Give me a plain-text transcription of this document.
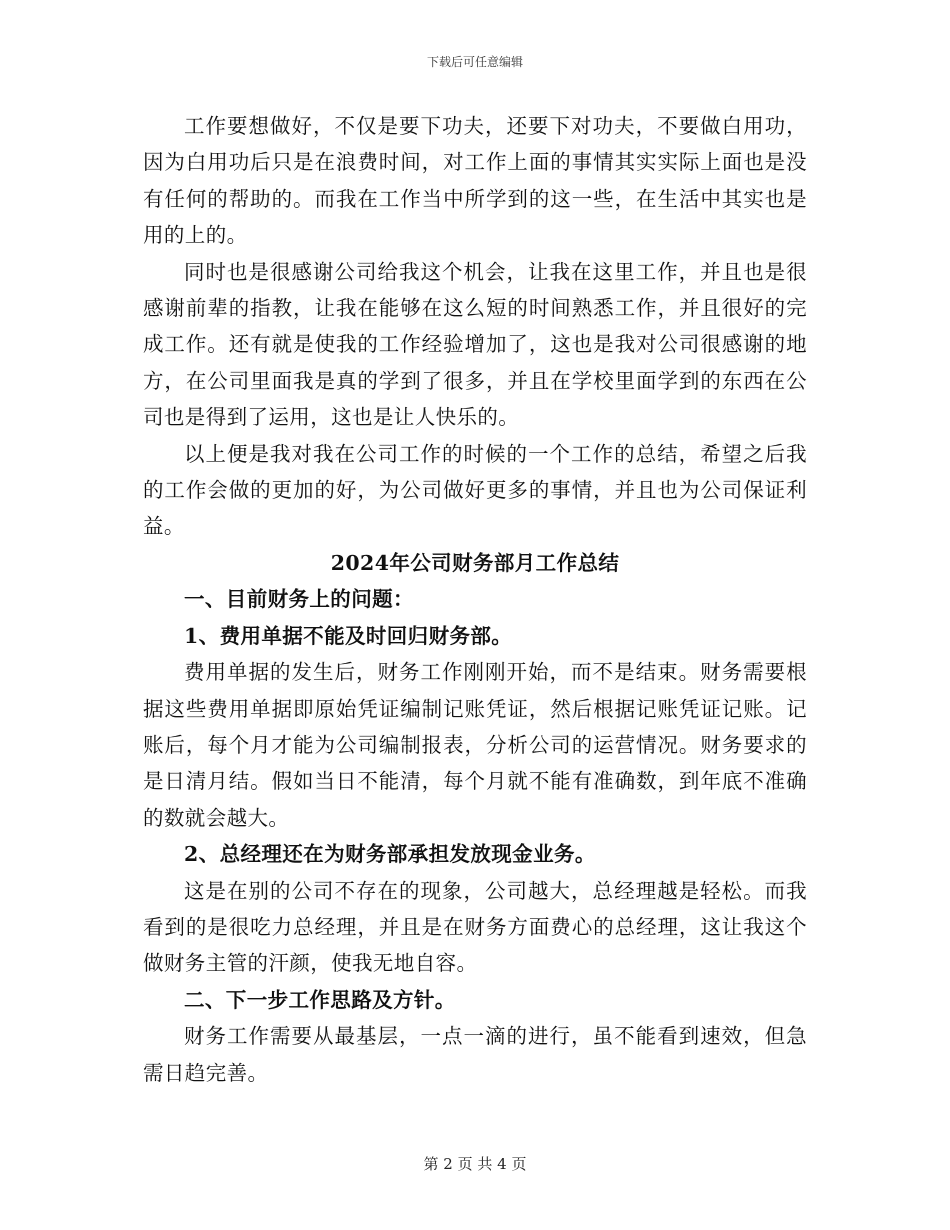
下载后可任意编辑

工作要想做好，不仅是要下功夫，还要下对功夫，不要做白用功，因为白用功后只是在浪费时间，对工作上面的事情其实实际上面也是没有任何的帮助的。而我在工作当中所学到的这一些，在生活中其实也是用的上的。

同时也是很感谢公司给我这个机会，让我在这里工作，并且也是很感谢前辈的指教，让我在能够在这么短的时间熟悉工作，并且很好的完成工作。还有就是使我的工作经验增加了，这也是我对公司很感谢的地方，在公司里面我是真的学到了很多，并且在学校里面学到的东西在公司也是得到了运用，这也是让人快乐的。

以上便是我对我在公司工作的时候的一个工作的总结，希望之后我的工作会做的更加的好，为公司做好更多的事情，并且也为公司保证利益。

2024年公司财务部月工作总结

一、目前财务上的问题：

1、费用单据不能及时回归财务部。

费用单据的发生后，财务工作刚刚开始，而不是结束。财务需要根据这些费用单据即原始凭证编制记账凭证，然后根据记账凭证记账。记账后，每个月才能为公司编制报表，分析公司的运营情况。财务要求的是日清月结。假如当日不能清，每个月就不能有准确数，到年底不准确的数就会越大。

2、总经理还在为财务部承担发放现金业务。

这是在别的公司不存在的现象，公司越大，总经理越是轻松。而我看到的是很吃力总经理，并且是在财务方面费心的总经理，这让我这个做财务主管的汗颜，使我无地自容。

二、下一步工作思路及方针。

财务工作需要从最基层，一点一滴的进行，虽不能看到速效，但急需日趋完善。

第 2 页 共 4 页
